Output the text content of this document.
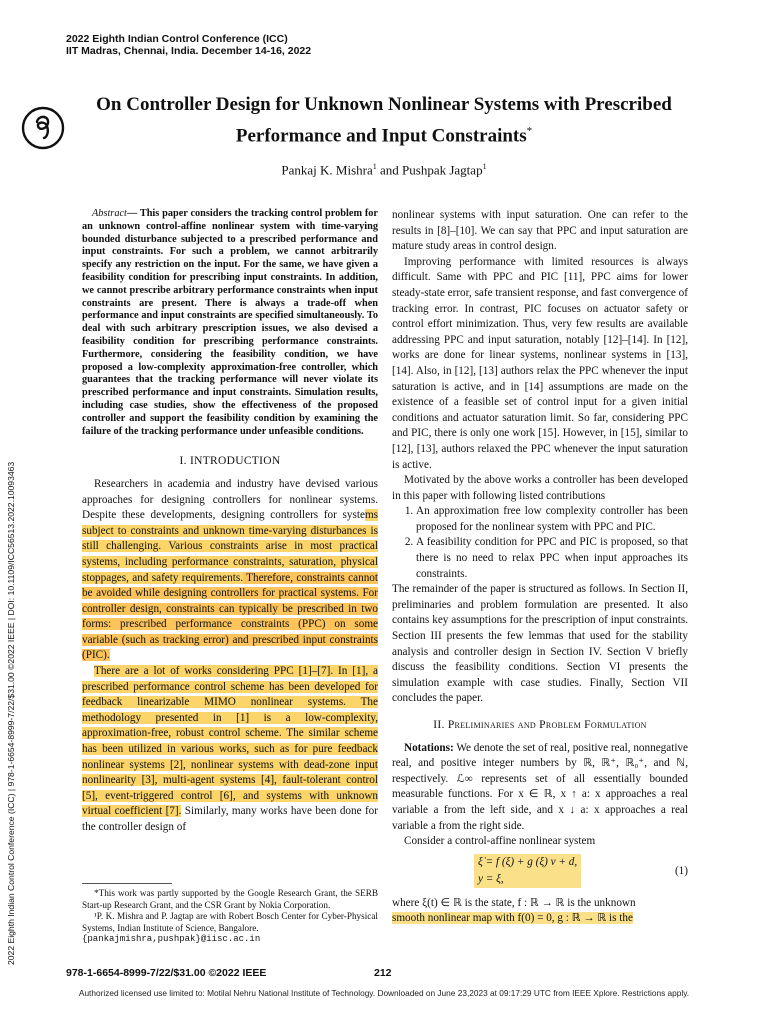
2022 Eighth Indian Control Conference (ICC)
IIT Madras, Chennai, India. December 14-16, 2022
On Controller Design for Unknown Nonlinear Systems with Prescribed
Performance and Input Constraints*
Pankaj K. Mishra$^1$ and Pushpak Jagtap$^1$

Abstract— This paper considers the tracking control problem for an unknown control-affine nonlinear system with time-varying bounded disturbance subjected to a prescribed performance and input constraints. For such a problem, we cannot arbitrarily specify any restriction on the input. For the same, we have given a feasibility condition for prescribing input constraints. In addition, we cannot prescribe arbitrary performance constraints when input constraints are present. There is always a trade-off when performance and input constraints are specified simultaneously. To deal with such arbitrary prescription issues, we also devised a feasibility condition for prescribing performance constraints. Furthermore, considering the feasibility condition, we have proposed a low-complexity approximation-free controller, which guarantees that the tracking performance will never violate its prescribed performance and input constraints. Simulation results, including case studies, show the effectiveness of the proposed controller and support the feasibility condition by examining the failure of the tracking performance under unfeasible conditions.

I. INTRODUCTION

Researchers in academia and industry have devised various approaches for designing controllers for nonlinear systems. Despite these developments, designing controllers for systems subject to constraints and unknown time-varying disturbances is still challenging. Various constraints arise in most practical systems, including performance constraints, saturation, physical stoppages, and safety requirements. Therefore, constraints cannot be avoided while designing controllers for practical systems. For controller design, constraints can typically be prescribed in two forms: prescribed performance constraints (PPC) on some variable (such as tracking error) and prescribed input constraints (PIC).

There are a lot of works considering PPC [1]–[7]. In [1], a prescribed performance control scheme has been developed for feedback linearizable MIMO nonlinear systems. The methodology presented in [1] is a low-complexity, approximation-free, robust control scheme. The similar scheme has been utilized in various works, such as for pure feedback nonlinear systems [2], nonlinear systems with dead-zone input nonlinearity [3], multi-agent systems [4], fault-tolerant control [5], event-triggered control [6], and systems with unknown virtual coefficient [7]. Similarly, many works have been done for the controller design of

*This work was partly supported by the Google Research Grant, the SERB Start-up Research Grant, and the CSR Grant by Nokia Corporation.

¹P. K. Mishra and P. Jagtap are with Robert Bosch Center for Cyber-Physical Systems, Indian Institute of Science, Bangalore.

{pankajmishra,pushpak}@iisc.ac.in

nonlinear systems with input saturation. One can refer to the results in [8]–[10]. We can say that PPC and input saturation are mature study areas in control design.

Improving performance with limited resources is always difficult. Same with PPC and PIC [11], PPC aims for lower steady-state error, safe transient response, and fast convergence of tracking error. In contrast, PIC focuses on actuator safety or control effort minimization. Thus, very few results are available addressing PPC and input saturation, notably [12]–[14]. In [12], works are done for linear systems, nonlinear systems in [13], [14]. Also, in [12], [13] authors relax the PPC whenever the input saturation is active, and in [14] assumptions are made on the existence of a feasible set of control input for a given initial conditions and actuator saturation limit. So far, considering PPC and PIC, there is only one work [15]. However, in [15], similar to [12], [13], authors relaxed the PPC whenever the input saturation is active.

Motivated by the above works a controller has been developed in this paper with following listed contributions

1. An approximation free low complexity controller has been proposed for the nonlinear system with PPC and PIC.
2. A feasibility condition for PPC and PIC is proposed, so that there is no need to relax PPC when input approaches its constraints.

The remainder of the paper is structured as follows. In Section II, preliminaries and problem formulation are presented. It also contains key assumptions for the prescription of input constraints. Section III presents the few lemmas that used for the stability analysis and controller design in Section IV. Section V briefly discuss the feasibility conditions. Section VI presents the simulation example with case studies. Finally, Section VII concludes the paper.

II. Preliminaries and Problem Formulation

Notations: We denote the set of real, positive real, nonnegative real, and positive integer numbers by ℝ, ℝ⁺, ℝ₀⁺, and ℕ, respectively. ℒ∞ represents set of all essentially bounded measurable functions. For x ∈ ℝ, x ↑ a: x approaches a real variable a from the left side, and x ↓ a: x approaches a real variable a from the right side.

Consider a control-affine nonlinear system

ξ̇ = f (ξ) + g (ξ) v + d,
y = ξ,
(1)

where ξ(t) ∈ ℝ is the state, f : ℝ → ℝ is the unknown

smooth nonlinear map with f(0) = 0, g : ℝ → ℝ is the

978-1-6654-8999-7/22/$31.00 ©2022 IEEE	212
Authorized licensed use limited to: Motilal Nehru National Institute of Technology. Downloaded on June 23,2023 at 09:17:29 UTC from IEEE Xplore. Restrictions apply.
2022 Eighth Indian Control Conference (ICC) | 978-1-6654-8999-7/22/$31.00 ©2022 IEEE | DOI: 10.1109/ICC56513.2022.10093463
